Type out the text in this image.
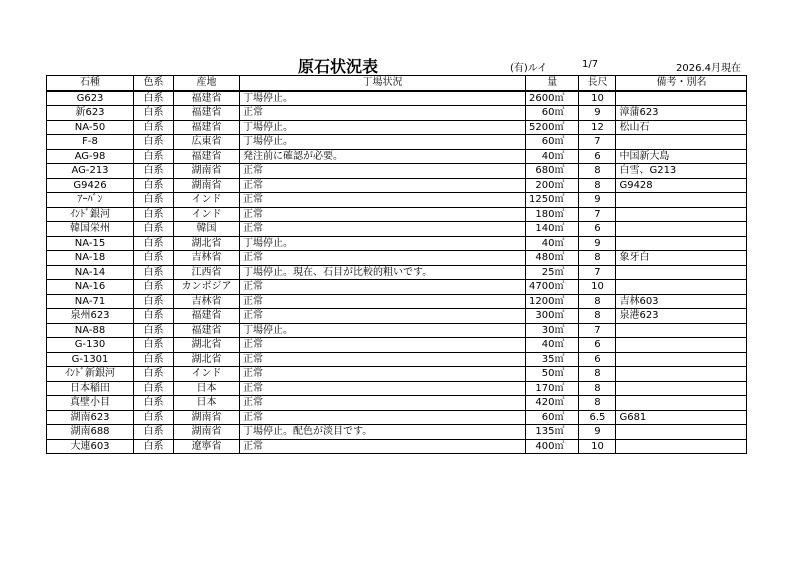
原石状況表	(有)ルイ	1/7	2026.4月現在
石種	色系	産地	丁場状況	量	長尺	備考・別名
G623	白系	福建省	丁場停止。	2600㎥	10	
新623	白系	福建省	正常	60㎥	9	漳蒲623
NA-50	白系	福建省	丁場停止。	5200㎥	12	松山石
F-8	白系	広東省	丁場停止。	60㎥	7	
AG-98	白系	福建省	発注前に確認が必要。	40㎥	6	中国新大島
AG-213	白系	湖南省	正常	680㎥	8	白雪、G213
G9426	白系	湖南省	正常	200㎥	8	G9428
ｱｰﾊﾞﾝ	白系	インド	正常	1250㎥	9	
ｲﾝﾄﾞ銀河	白系	インド	正常	180㎥	7	
韓国栄州	白系	韓国	正常	140㎥	6	
NA-15	白系	湖北省	丁場停止。	40㎥	9	
NA-18	白系	吉林省	正常	480㎥	8	象牙白
NA-14	白系	江西省	丁場停止。現在、石目が比較的粗いです。	25㎥	7	
NA-16	白系	カンボジア	正常	4700㎥	10	
NA-71	白系	吉林省	正常	1200㎥	8	吉林603
泉州623	白系	福建省	正常	300㎥	8	泉港623
NA-88	白系	福建省	丁場停止。	30㎥	7	
G-130	白系	湖北省	正常	40㎥	6	
G-1301	白系	湖北省	正常	35㎥	6	
ｲﾝﾄﾞ新銀河	白系	インド	正常	50㎥	8	
日本稲田	白系	日本	正常	170㎥	8	
真壁小目	白系	日本	正常	420㎥	8	
湖南623	白系	湖南省	正常	60㎥	6.5	G681
湖南688	白系	湖南省	丁場停止。配色が淡目です。	135㎥	9	
大連603	白系	遼寧省	正常	400㎥	10	
